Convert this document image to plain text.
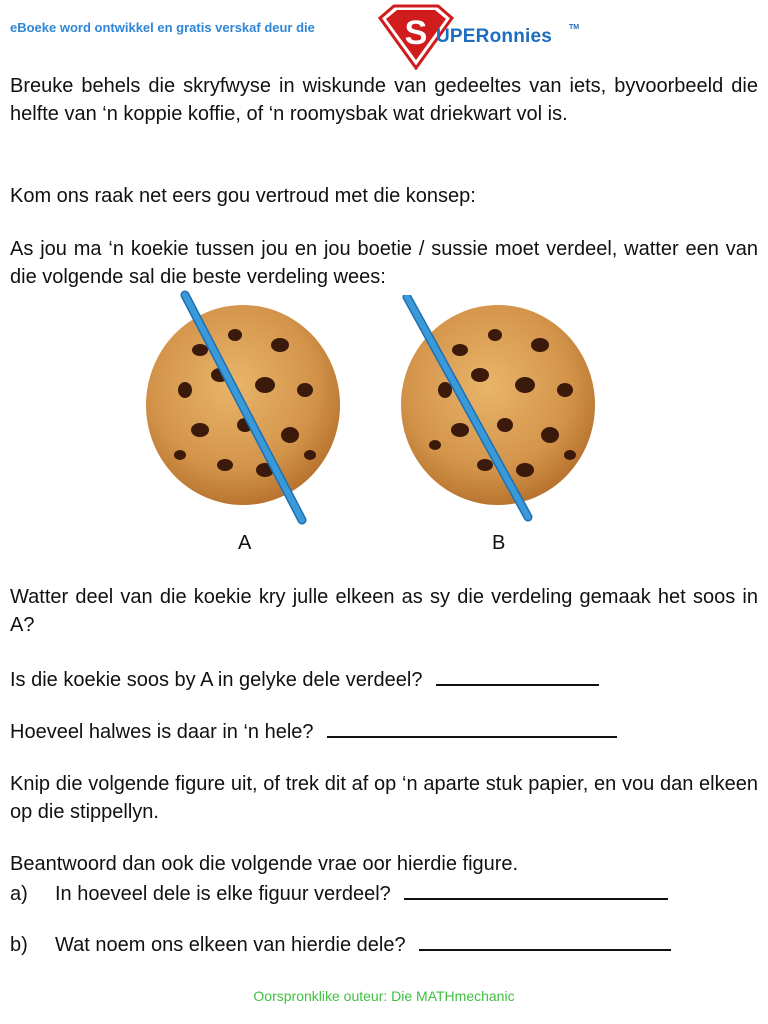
eBoeke word ontwikkel en gratis verskaf deur die	S UPERonnies TM
Breuke behels die skryfwyse in wiskunde van gedeeltes van iets, byvoorbeeld die helfte van ‘n koppie koffie, of ‘n roomysbak wat driekwart vol is.
Kom ons raak net eers gou vertroud met die konsep:
As jou ma ‘n koekie tussen jou en jou boetie / sussie moet verdeel, watter een van die volgende sal die beste verdeling wees:
A	B
Watter deel van die koekie kry julle elkeen as sy die verdeling gemaak het soos in A?
Is die koekie soos by A in gelyke dele verdeel?
Hoeveel halwes is daar in ‘n hele?
Knip die volgende figure uit, of trek dit af op ‘n aparte stuk papier, en vou dan elkeen op die stippellyn.
Beantwoord dan ook die volgende vrae oor hierdie figure.
a) In hoeveel dele is elke figuur verdeel?
b) Wat noem ons elkeen van hierdie dele?
Oorspronklike outeur: Die MATHmechanic
